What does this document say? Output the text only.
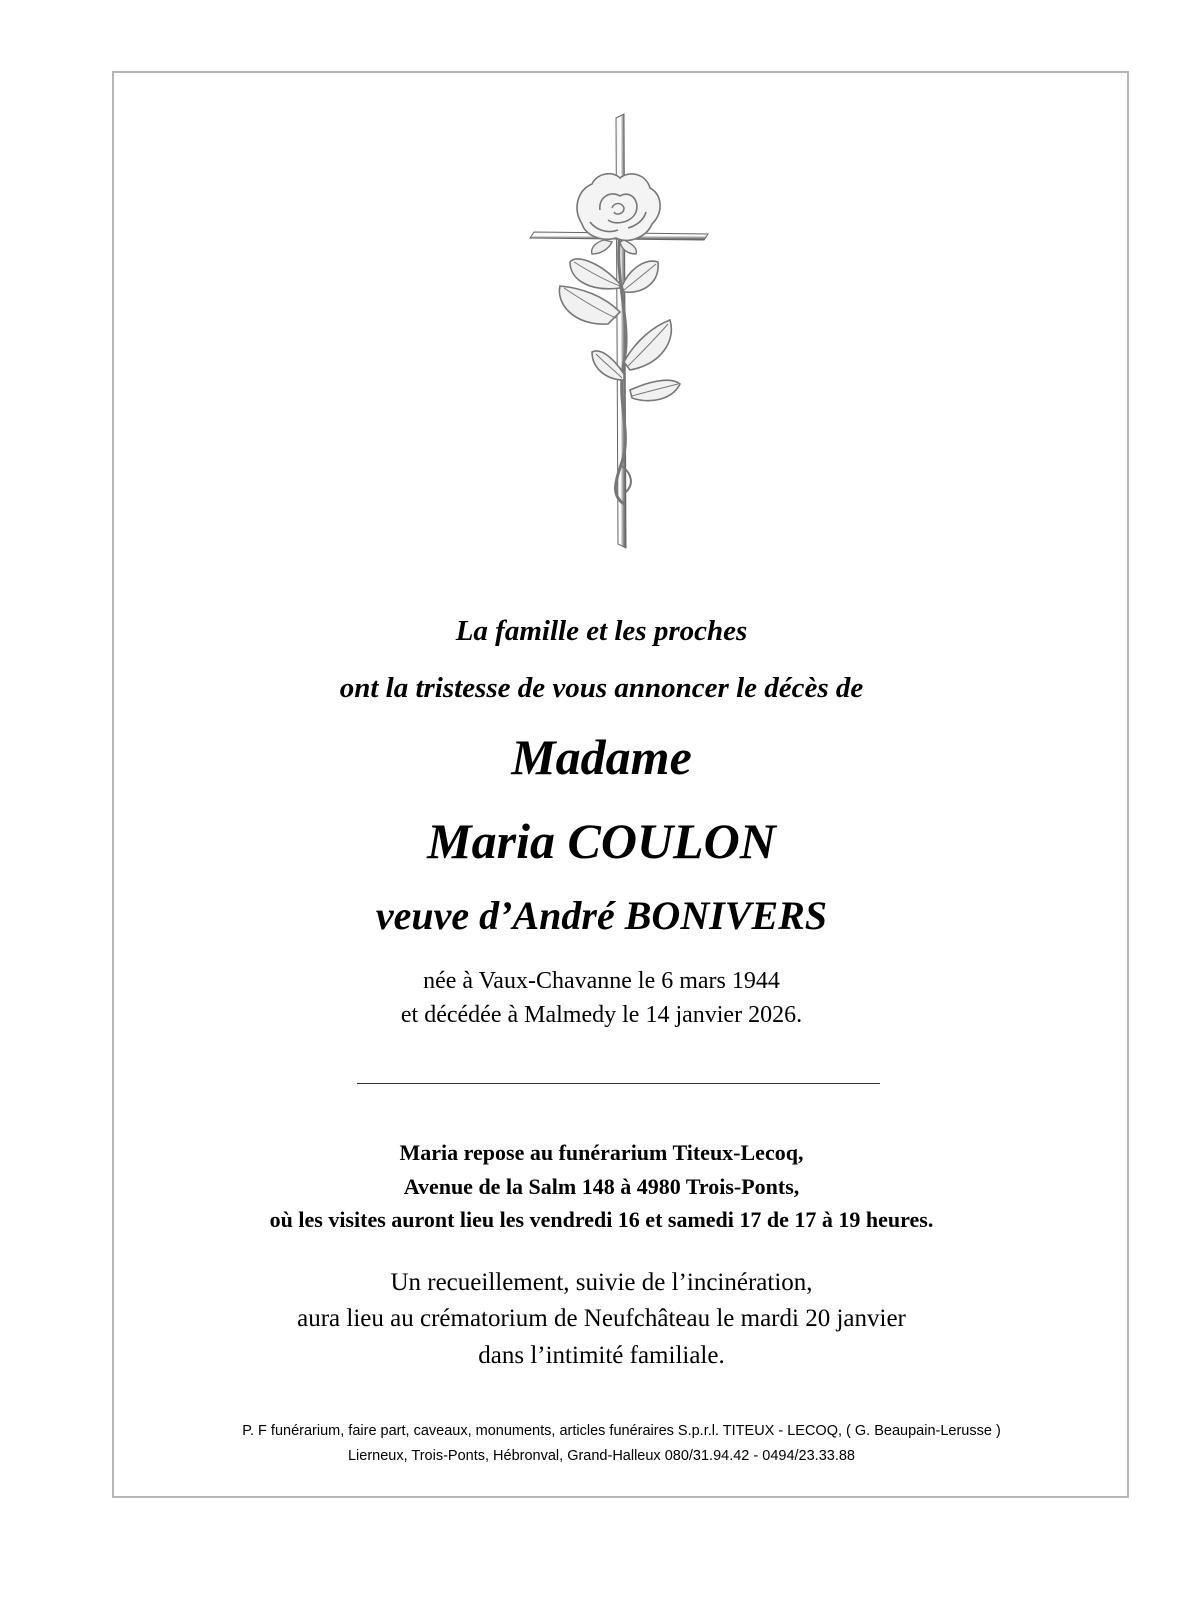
La famille et les proches
ont la tristesse de vous annoncer le décès de
Madame
Maria COULON
veuve d’André BONIVERS
née à Vaux-Chavanne le 6 mars 1944
et décédée à Malmedy le 14 janvier 2026.
Maria repose au funérarium Titeux-Lecoq,
Avenue de la Salm 148 à 4980 Trois-Ponts,
où les visites auront lieu les vendredi 16 et samedi 17 de 17 à 19 heures.
Un recueillement, suivie de l’incinération,
aura lieu au crématorium de Neufchâteau le mardi 20 janvier
dans l’intimité familiale.
P. F funérarium, faire part, caveaux, monuments, articles funéraires S.p.r.l. TITEUX - LECOQ, ( G. Beaupain-Lerusse )
Lierneux, Trois-Ponts, Hébronval, Grand-Halleux 080/31.94.42 - 0494/23.33.88
